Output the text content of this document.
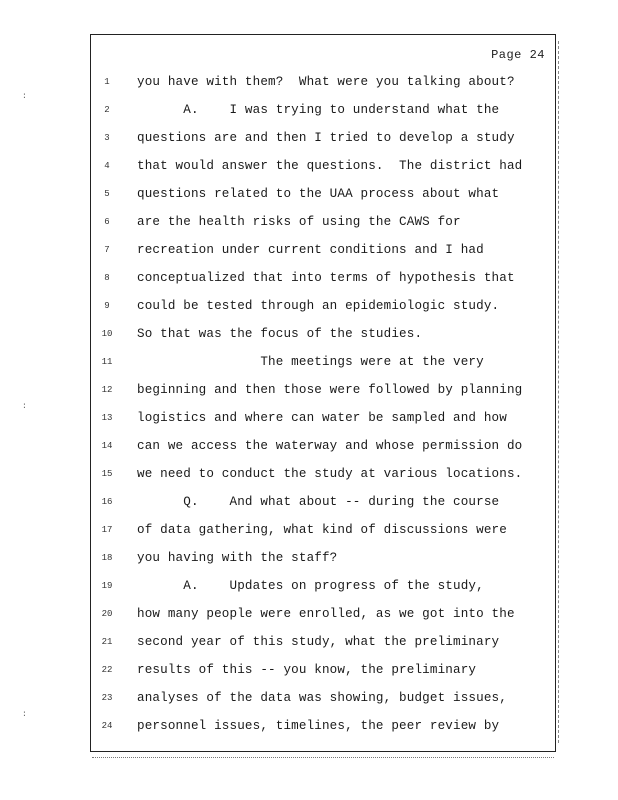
:
:
:
Page 24
1	you have with them?  What were you talking about?
2	A.    I was trying to understand what the
3	questions are and then I tried to develop a study
4	that would answer the questions.  The district had
5	questions related to the UAA process about what
6	are the health risks of using the CAWS for
7	recreation under current conditions and I had
8	conceptualized that into terms of hypothesis that
9	could be tested through an epidemiologic study.
10 So that was the focus of the studies.
11 The meetings were at the very
12 beginning and then those were followed by planning
13 logistics and where can water be sampled and how
14 can we access the waterway and whose permission do
15 we need to conduct the study at various locations.
16 Q.    And what about -- during the course
17 of data gathering, what kind of discussions were
18 you having with the staff?
19 A.    Updates on progress of the study,
20 how many people were enrolled, as we got into the
21 second year of this study, what the preliminary
22 results of this -- you know, the preliminary
23 analyses of the data was showing, budget issues,
24 personnel issues, timelines, the peer review by
